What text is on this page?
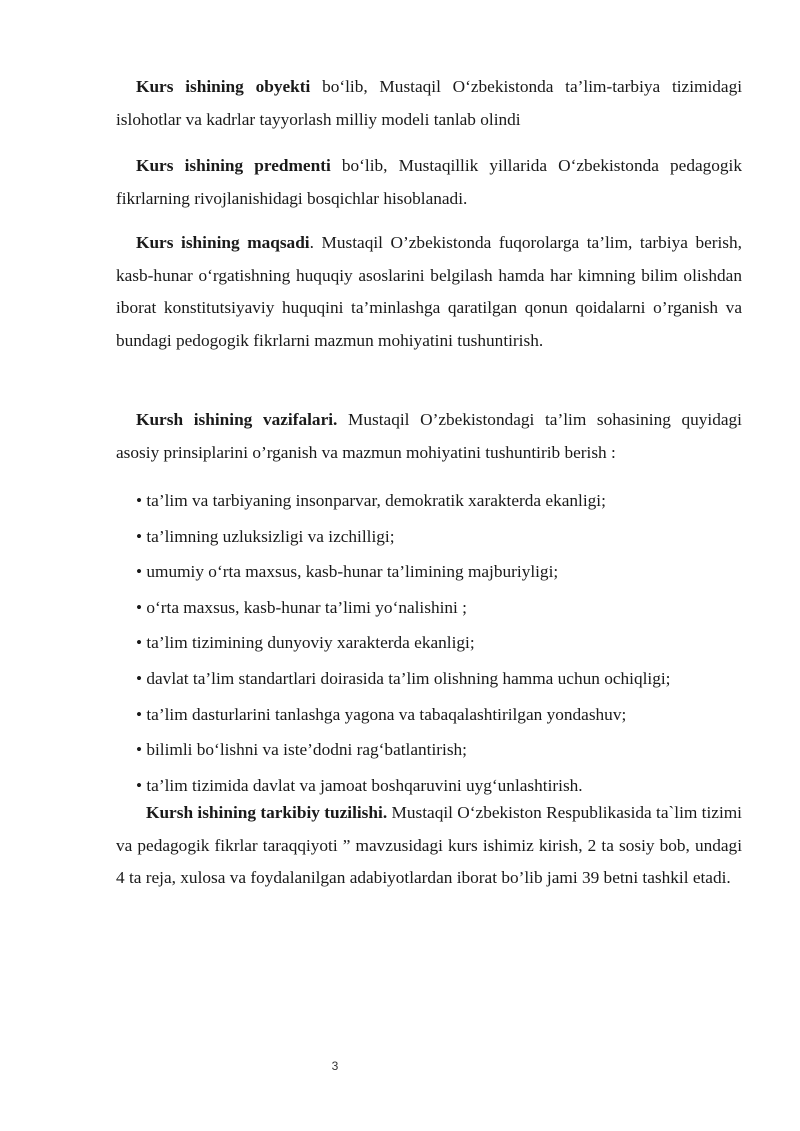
Kurs ishining obyekti bo‘lib, Mustaqil O‘zbekistonda ta’lim-tarbiya tizimidagi islohotlar va kadrlar tayyorlash milliy modeli tanlab olindi

Kurs ishining predmenti bo‘lib, Mustaqillik yillarida O‘zbekistonda pedagogik fikrlarning rivojlanishidagi bosqichlar hisoblanadi.

Kurs ishining maqsadi. Mustaqil O’zbekistonda fuqorolarga ta’lim, tarbiya berish, kasb-hunar o‘rgatishning huquqiy asoslarini belgilash hamda har kimning bilim olishdan iborat konstitutsiyaviy huquqini ta’minlashga qaratilgan qonun qoidalarni o’rganish va bundagi pedogogik fikrlarni mazmun mohiyatini tushuntirish.

Kursh ishining vazifalari. Mustaqil O’zbekistondagi ta’lim sohasining quyidagi asosiy prinsiplarini o’rganish va mazmun mohiyatini tushuntirib berish :

• ta’lim va tarbiyaning insonparvar, demokratik xarakterda ekanligi;
• ta’limning uzluksizligi va izchilligi;
• umumiy o‘rta maxsus, kasb-hunar ta’limining majburiyligi;
• o‘rta maxsus, kasb-hunar ta’limi yo‘nalishini ;
• ta’lim tizimining dunyoviy xarakterda ekanligi;
• davlat ta’lim standartlari doirasida ta’lim olishning hamma uchun ochiqligi;
• ta’lim dasturlarini tanlashga yagona va tabaqalashtirilgan yondashuv;
• bilimli bo‘lishni va iste’dodni rag‘batlantirish;
• ta’lim tizimida davlat va jamoat boshqaruvini uyg‘unlashtirish.

Kursh ishining tarkibiy tuzilishi. Mustaqil O‘zbekiston Respublikasida ta`lim tizimi va pedagogik fikrlar taraqqiyoti ” mavzusidagi kurs ishimiz kirish, 2 ta sosiy bob, undagi 4 ta reja, xulosa va foydalanilgan adabiyotlardan iborat bo’lib jami 39 betni tashkil etadi.

3
